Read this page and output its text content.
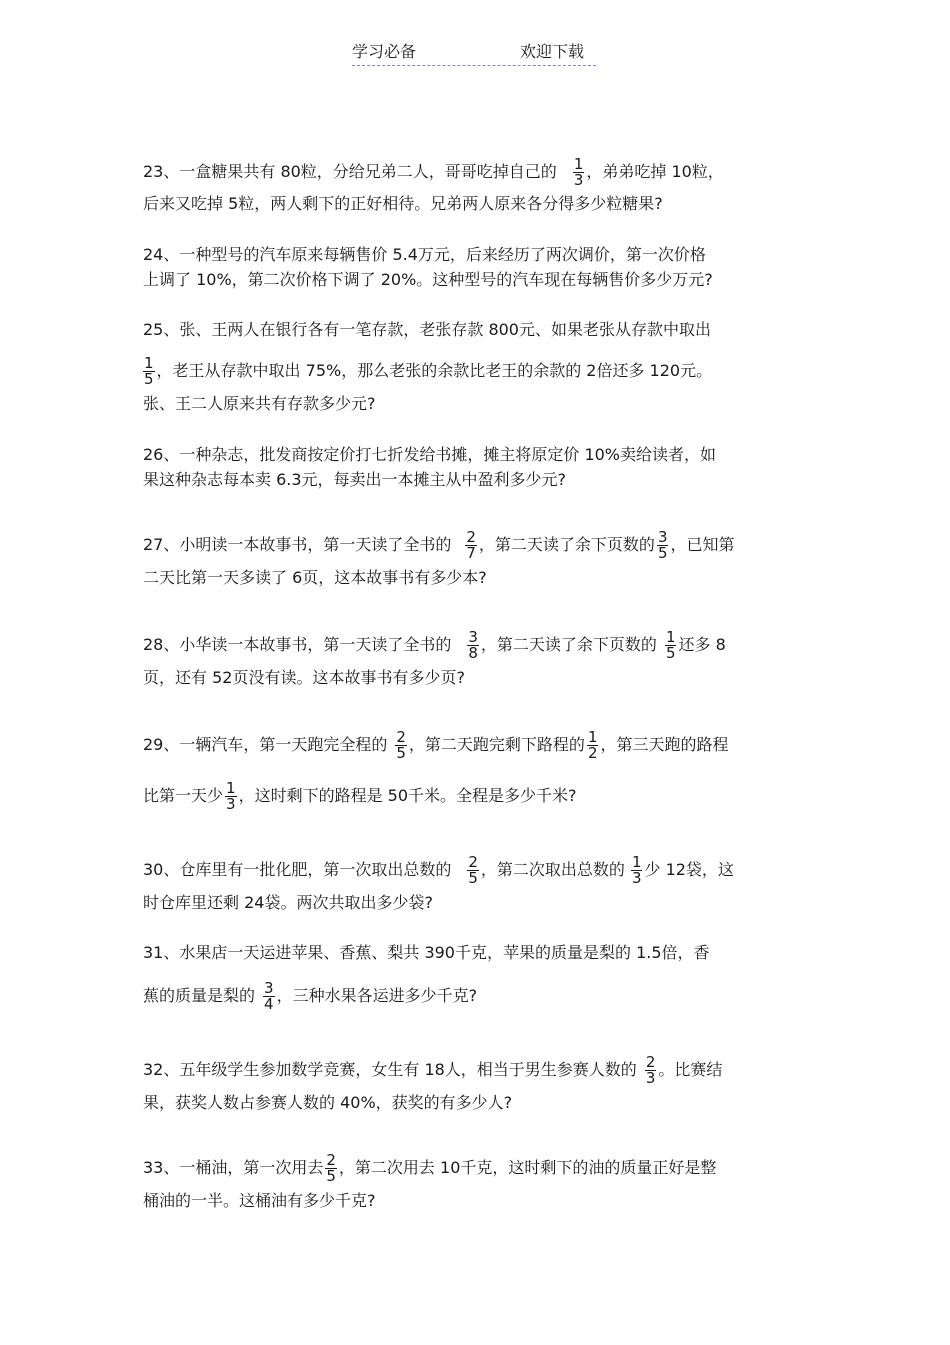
学习必备	欢迎下载
23、一盒糖果共有 80粒，分给兄弟二人，哥哥吃掉自己的 $\frac{1}{3}$ ，弟弟吃掉 10粒，
后来又吃掉 5粒，两人剩下的正好相待。兄弟两人原来各分得多少粒糖果?
24、一种型号的汽车原来每辆售价 5.4万元，后来经历了两次调价，第一次价格
上调了 10%，第二次价格下调了 20%。这种型号的汽车现在每辆售价多少万元?
25、张、王两人在银行各有一笔存款，老张存款 800元、如果老张从存款中取出
$\frac{1}{5}$ ，老王从存款中取出 75%，那么老张的余款比老王的余款的 2倍还多 120元。
张、王二人原来共有存款多少元?
26、一种杂志，批发商按定价打七折发给书摊，摊主将原定价 10%卖给读者，如
果这种杂志每本卖 6.3元，每卖出一本摊主从中盈利多少元?
27、小明读一本故事书，第一天读了全书的 $\frac{2}{7}$ ，第二天读了余下页数的 $\frac{3}{5}$ ，已知第
二天比第一天多读了 6页，这本故事书有多少本?
28、小华读一本故事书，第一天读了全书的 $\frac{3}{8}$ ，第二天读了余下页数的 $\frac{1}{5}$ 还多 8
页，还有 52页没有读。这本故事书有多少页?
29、一辆汽车，第一天跑完全程的 $\frac{2}{5}$ ，第二天跑完剩下路程的 $\frac{1}{2}$ ，第三天跑的路程
比第一天少 $\frac{1}{3}$ ，这时剩下的路程是 50千米。全程是多少千米?
30、仓库里有一批化肥，第一次取出总数的 $\frac{2}{5}$ ，第二次取出总数的 $\frac{1}{3}$ 少 12袋，这
时仓库里还剩 24袋。两次共取出多少袋?
31、水果店一天运进苹果、香蕉、梨共 390千克，苹果的质量是梨的 1.5倍，香
蕉的质量是梨的 $\frac{3}{4}$ ，三种水果各运进多少千克?
32、五年级学生参加数学竞赛，女生有 18人，相当于男生参赛人数的 $\frac{2}{3}$ 。比赛结
果，获奖人数占参赛人数的 40%，获奖的有多少人?
33、一桶油，第一次用去 $\frac{2}{5}$ ，第二次用去 10千克，这时剩下的油的质量正好是整
桶油的一半。这桶油有多少千克?
